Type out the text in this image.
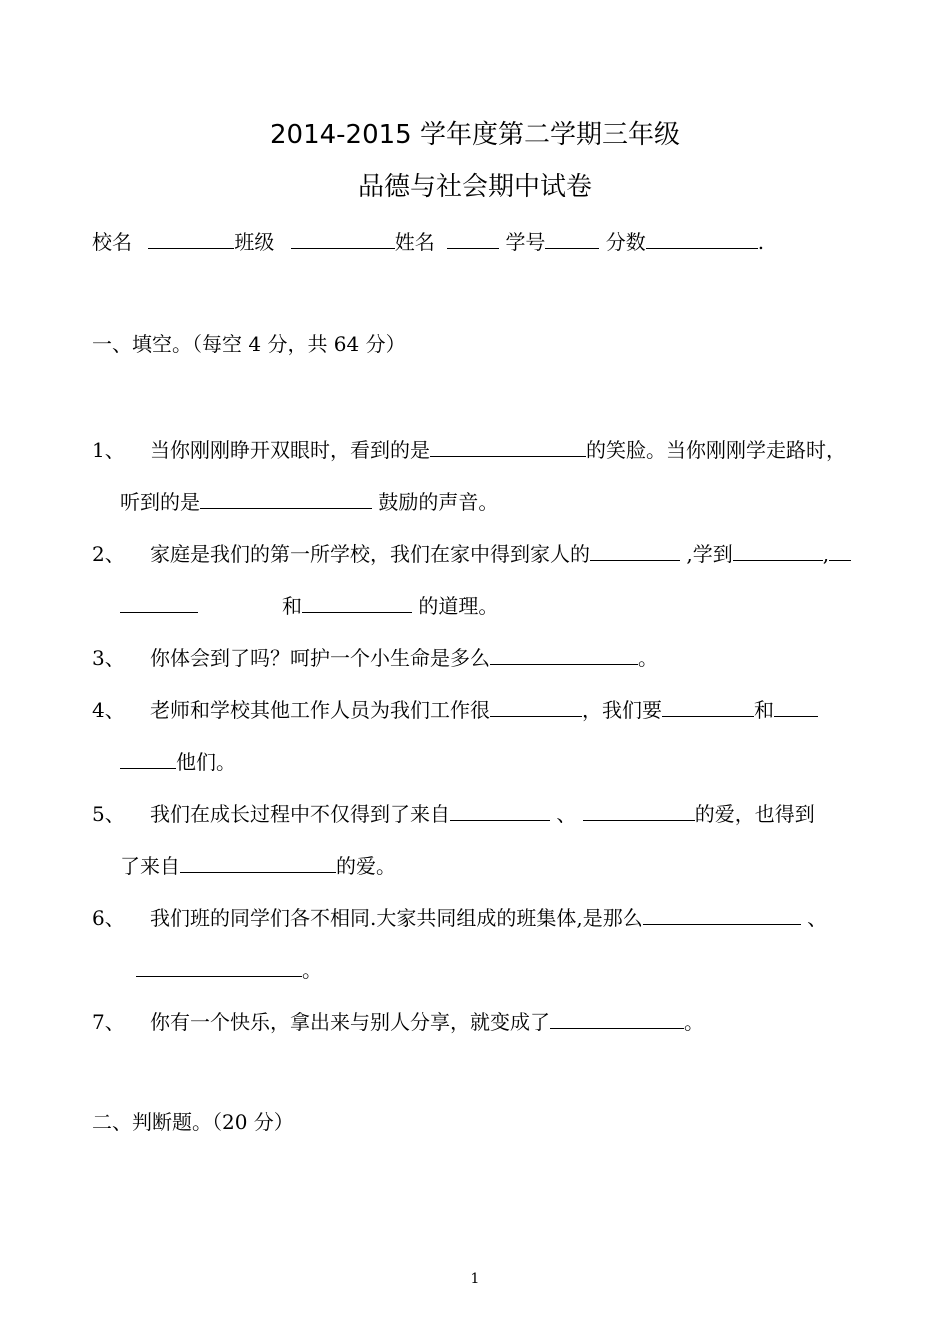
2014-2015 学年度第二学期三年级
品德与社会期中试卷
校名	班级	姓名	学号	分数	.
一、填空。（每空 4 分，共 64 分）
1、 当你刚刚睁开双眼时，看到的是	的笑脸。当你刚刚学走路时，
听到的是	鼓励的声音。
2、 家庭是我们的第一所学校，我们在家中得到家人的	,学到	,
和	的道理。
3、 你体会到了吗？呵护一个小生命是多么	。
4、 老师和学校其他工作人员为我们工作很	，我们要	和
他们。
5、 我们在成长过程中不仅得到了来自	、	的爱，也得到
了来自	的爱。
6、 我们班的同学们各不相同.大家共同组成的班集体,是那么	、
。
7、 你有一个快乐，拿出来与别人分享，就变成了	。
二、判断题。（20 分）
1
